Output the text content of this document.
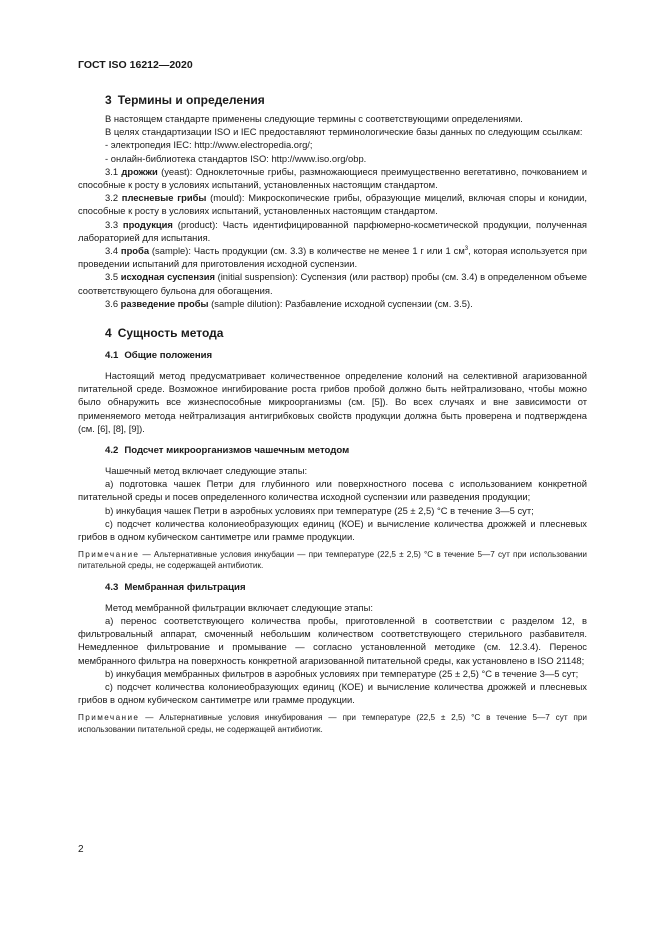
ГОСТ ISO 16212—2020
3 Термины и определения

В настоящем стандарте применены следующие термины с соответствующими определениями.

В целях стандартизации ISO и IEC предоставляют терминологические базы данных по следующим ссылкам:

- электропедия IEC: http://www.electropedia.org/;

- онлайн-библиотека стандартов ISO: http://www.iso.org/obp.

3.1 дрожжи (yeast): Одноклеточные грибы, размножающиеся преимущественно вегетативно, почкованием и способные к росту в условиях испытаний, установленных настоящим стандартом.

3.2 плесневые грибы (mould): Микроскопические грибы, образующие мицелий, включая споры и конидии, способные к росту в условиях испытаний, установленных настоящим стандартом.

3.3 продукция (product): Часть идентифицированной парфюмерно-косметической продукции, полученная лабораторией для испытания.

3.4 проба (sample): Часть продукции (см. 3.3) в количестве не менее 1 г или 1 $см^3$, которая используется при проведении испытаний для приготовления исходной суспензии.

3.5 исходная суспензия (initial suspension): Суспензия (или раствор) пробы (см. 3.4) в определенном объеме соответствующего бульона для обогащения.

3.6 разведение пробы (sample dilution): Разбавление исходной суспензии (см. 3.5).

4 Сущность метода
4.1 Общие положения

Настоящий метод предусматривает количественное определение колоний на селективной агаризованной питательной среде. Возможное ингибирование роста грибов пробой должно быть нейтрализовано, чтобы можно было обнаружить все жизнеспособные микроорганизмы (см. [5]). Во всех случаях и вне зависимости от применяемого метода нейтрализация антигрибковых свойств продукции должна быть проверена и подтверждена (см. [6], [8], [9]).

4.2 Подсчет микроорганизмов чашечным методом

Чашечный метод включает следующие этапы:

a) подготовка чашек Петри для глубинного или поверхностного посева с использованием конкретной питательной среды и посев определенного количества исходной суспензии или разведения продукции;

b) инкубация чашек Петри в аэробных условиях при температуре (25 ± 2,5) °С в течение 3—5 сут;

c) подсчет количества колониеобразующих единиц (КОЕ) и вычисление количества дрожжей и плесневых грибов в одном кубическом сантиметре или грамме продукции.

Примечание — Альтернативные условия инкубации — при температуре (22,5 ± 2,5) °С в течение 5—7 сут при использовании питательной среды, не содержащей антибиотик.

4.3 Мембранная фильтрация

Метод мембранной фильтрации включает следующие этапы:

a) перенос соответствующего количества пробы, приготовленной в соответствии с разделом 12, в фильтровальный аппарат, смоченный небольшим количеством соответствующего стерильного разбавителя. Немедленное фильтрование и промывание — согласно установленной методике (см. 12.3.4). Перенос мембранного фильтра на поверхность конкретной агаризованной питательной среды, как установлено в ISO 21148;

b) инкубация мембранных фильтров в аэробных условиях при температуре (25 ± 2,5) °С в течение 3—5 сут;

c) подсчет количества колониеобразующих единиц (КОЕ) и вычисление количества дрожжей и плесневых грибов в одном кубическом сантиметре или грамме продукции.

Примечание — Альтернативные условия инкубирования — при температуре (22,5 ± 2,5) °С в течение 5—7 сут при использовании питательной среды, не содержащей антибиотик.

2
